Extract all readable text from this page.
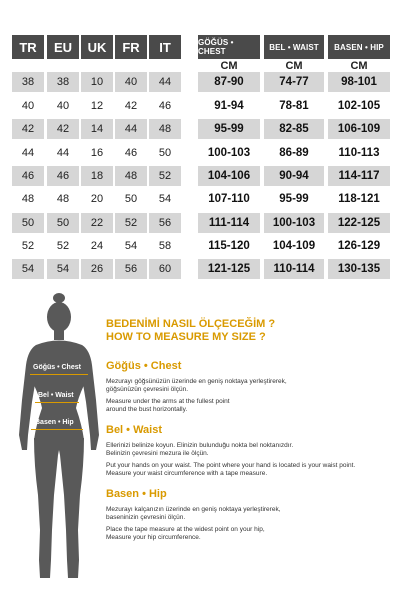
Göğüs • Chest
Bel • Waist
Basen • Hip
BEDENİMİ NASIL ÖLÇECEĞİM ?
HOW TO MEASURE MY SIZE ?
Göğüs • Chest
Mezurayı göğsünüzün üzerinde en geniş noktaya yerleştirerek,
göğsünüzün çevresini ölçün.
Measure under the arms at the fullest point
around the bust horizontally.
Bel • Waist
Ellerinizi belinize koyun. Elinizin bulunduğu nokta bel noktanızdır.
Belinizin çevresini mezura ile ölçün.
Put your hands on your waist. The point where your hand is located is your waist point.
Measure your waist circumference with a tape measure.
Basen • Hip
Mezurayı kalçanızın üzerinde en geniş noktaya yerleştirerek,
baseninizin çevresini ölçün.
Place the tape measure at the widest point on your hip,
Measure your hip circumference.
TR	EU	UK	FR	IT
38	38	10	40	44
40	40	12	42	46
42	42	14	44	48
44	44	16	46	50
46	46	18	48	52
48	48	20	50	54
50	50	22	52	56
52	52	24	54	58
54	54	26	56	60
GÖĞÜS • CHEST	BEL • WAIST	BASEN • HIP
CM	CM	CM
87-90	74-77	98-101
91-94	78-81	102-105
95-99	82-85	106-109
100-103	86-89	110-113
104-106	90-94	114-117
107-110	95-99	118-121
111-114	100-103	122-125
115-120	104-109	126-129
121-125	110-114	130-135
